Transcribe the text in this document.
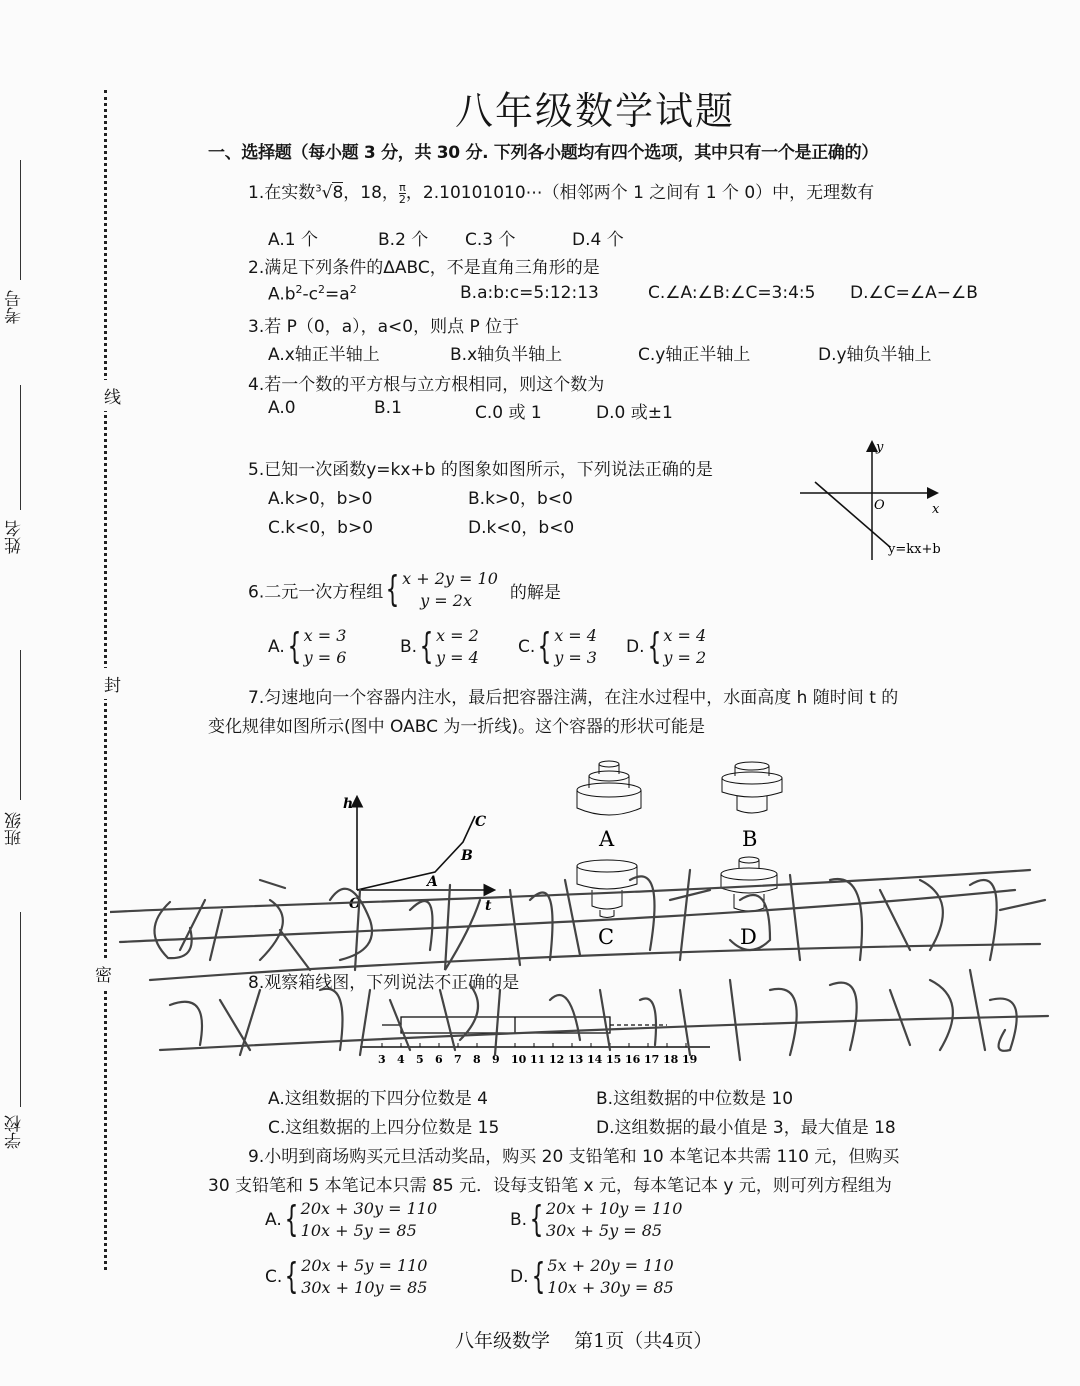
考号
姓名
班级
学校
线
封
密
八年级数学试题
一、选择题（每小题 3 分，共 30 分. 下列各小题均有四个选项，其中只有一个是正确的）
1.在实数$^3$√8，18， $\frac{\pi}{2}$ ，2.10101010⋯（相邻两个 1 之间有 1 个 0）中，无理数有
A.1 个	B.2 个 C.3 个	D.4 个
2.满足下列条件的ΔABC，不是直角三角形的是
$A.b^2-c^2=a^2$	B.a:b:c=5:12:13	C.∠A:∠B:∠C=3:4:5 D.∠C=∠A−∠B
3.若 P（0，a），a<0，则点 P 位于
A.x轴正半轴上	B.x轴负半轴上	C.y轴正半轴上	D.y轴负半轴上
4.若一个数的平方根与立方根相同，则这个数为
A.0	B.1	C.0 或 1	D.0 或±1
5.已知一次函数y=kx+b 的图象如图所示，下列说法正确的是
A.k>0，b>0	B.k>0，b<0
C.k<0，b>0	D.k<0，b<0
y
x
O
y=kx+b
6.二元一次方程组{ x + 2y = 10
y = 2x 的解是
A.{ x = 3
y = 6
B.{ x = 2
y = 4
C.{ x = 4
y = 3
D.{ x = 4
y = 2
7.匀速地向一个容器内注水，最后把容器注满，在注水过程中，水面高度 h 随时间 t 的
变化规律如图所示(图中 OABC 为一折线)。这个容器的形状可能是
h
t
O
A
B
C
A	B
C	D
8.观察箱线图，下列说法不正确的是
3 4 5 6 7 8 9 10 11 12 13 14 15 16 17 18 19
A.这组数据的下四分位数是 4	B.这组数据的中位数是 10
C.这组数据的上四分位数是 15	D.这组数据的最小值是 3，最大值是 18
9.小明到商场购买元旦活动奖品，购买 20 支铅笔和 10 本笔记本共需 110 元，但购买
30 支铅笔和 5 本笔记本只需 85 元．设每支铅笔 x 元，每本笔记本 y 元，则可列方程组为
A.{ 20x + 30y = 110
10x + 5y = 85
B.{ 20x + 10y = 110
30x + 5y = 85
C.{ 20x + 5y = 110
30x + 10y = 85
D.{ 5x + 20y = 110
10x + 30y = 85
八年级数学    第1页（共4页）
